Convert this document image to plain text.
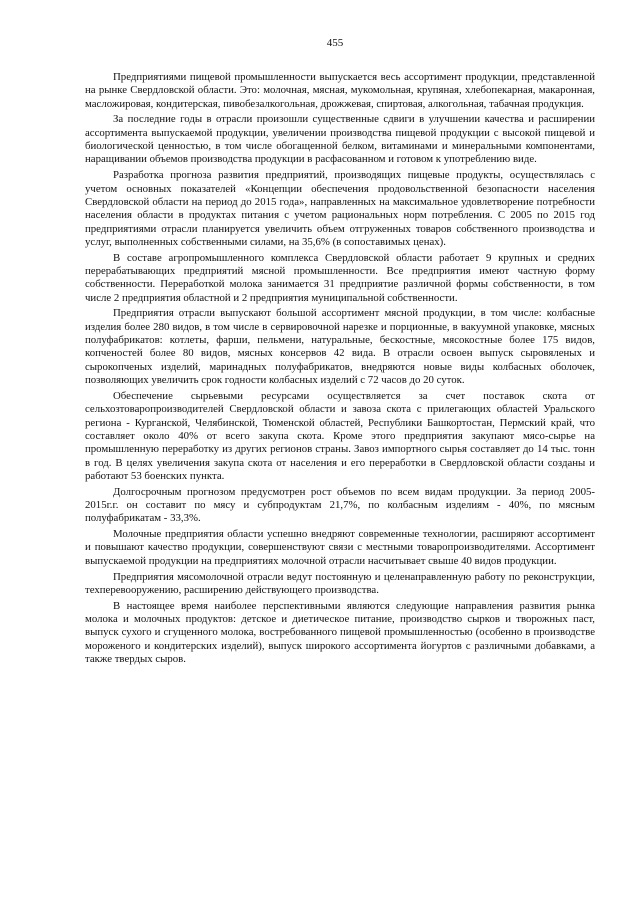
455

Предприятиями пищевой промышленности выпускается весь ассортимент продукции, представленной на рынке Свердловской области. Это: молочная, мясная, мукомольная, крупяная, хлебопекарная, макаронная, масложировая, кондитерская, пивобезалкогольная, дрожжевая, спиртовая, алкогольная, табачная продукция.

За последние годы в отрасли произошли существенные сдвиги в улучшении качества и расширении ассортимента выпускаемой продукции, увеличении производства пищевой продукции с высокой пищевой и биологической ценностью, в том числе обогащенной белком, витаминами и минеральными компонентами, наращивании объемов производства продукции в расфасованном и готовом к употреблению виде.

Разработка прогноза развития предприятий, производящих пищевые продукты, осуществлялась с учетом основных показателей «Концепции обеспечения продовольственной безопасности населения Свердловской области на период до 2015 года», направленных на максимальное удовлетворение потребности населения области в продуктах питания с учетом рациональных норм потребления. С 2005 по 2015 год предприятиями отрасли планируется увеличить объем отгруженных товаров собственного производства и услуг, выполненных собственными силами, на 35,6% (в сопоставимых ценах).

В составе агропромышленного комплекса Свердловской области работает 9 крупных и средних перерабатывающих предприятий мясной промышленности. Все предприятия имеют частную форму собственности. Переработкой молока занимается 31 предприятие различной формы собственности, в том числе 2 предприятия областной и 2 предприятия муниципальной собственности.

Предприятия отрасли выпускают большой ассортимент мясной продукции, в том числе: колбасные изделия более 280 видов, в том числе в сервировочной нарезке и порционные, в вакуумной упаковке, мясных полуфабрикатов: котлеты, фарши, пельмени, натуральные, бескостные, мясокостные более 175 видов, копченостей более 80 видов, мясных консервов 42 вида. В отрасли освоен выпуск сыровяленых и сырокопченых изделий, маринадных полуфабрикатов, внедряются новые виды колбасных оболочек, позволяющих увеличить срок годности колбасных изделий с 72 часов до 20 суток.

Обеспечение сырьевыми ресурсами осуществляется за счет поставок скота от сельхозтоваропроизводителей Свердловской области и завоза скота с прилегающих областей Уральского региона - Курганской, Челябинской, Тюменской областей, Республики Башкортостан, Пермский край, что составляет около 40% от всего закупа скота. Кроме этого предприятия закупают мясо-сырье на промышленную переработку из других регионов страны. Завоз импортного сырья составляет до 14 тыс. тонн в год. В целях увеличения закупа скота от населения и его переработки в Свердловской области созданы и работают 53 боенских пункта.

Долгосрочным прогнозом предусмотрен рост объемов по всем видам продукции. За период 2005-2015г.г. он составит по мясу и субпродуктам 21,7%, по колбасным изделиям - 40%, по мясным полуфабрикатам - 33,3%.

Молочные предприятия области успешно внедряют современные технологии, расширяют ассортимент и повышают качество продукции, совершенствуют связи с местными товаропроизводителями. Ассортимент выпускаемой продукции на предприятиях молочной отрасли насчитывает свыше 40 видов продукции.

Предприятия мясомолочной отрасли ведут постоянную и целенаправленную работу по реконструкции, техперевооружению, расширению действующего производства.

В настоящее время наиболее перспективными являются следующие направления развития рынка молока и молочных продуктов: детское и диетическое питание, производство сырков и творожных паст, выпуск сухого и сгущенного молока, востребованного пищевой промышленностью (особенно в производстве мороженого и кондитерских изделий), выпуск широкого ассортимента йогуртов с различными добавками, а также твердых сыров.
